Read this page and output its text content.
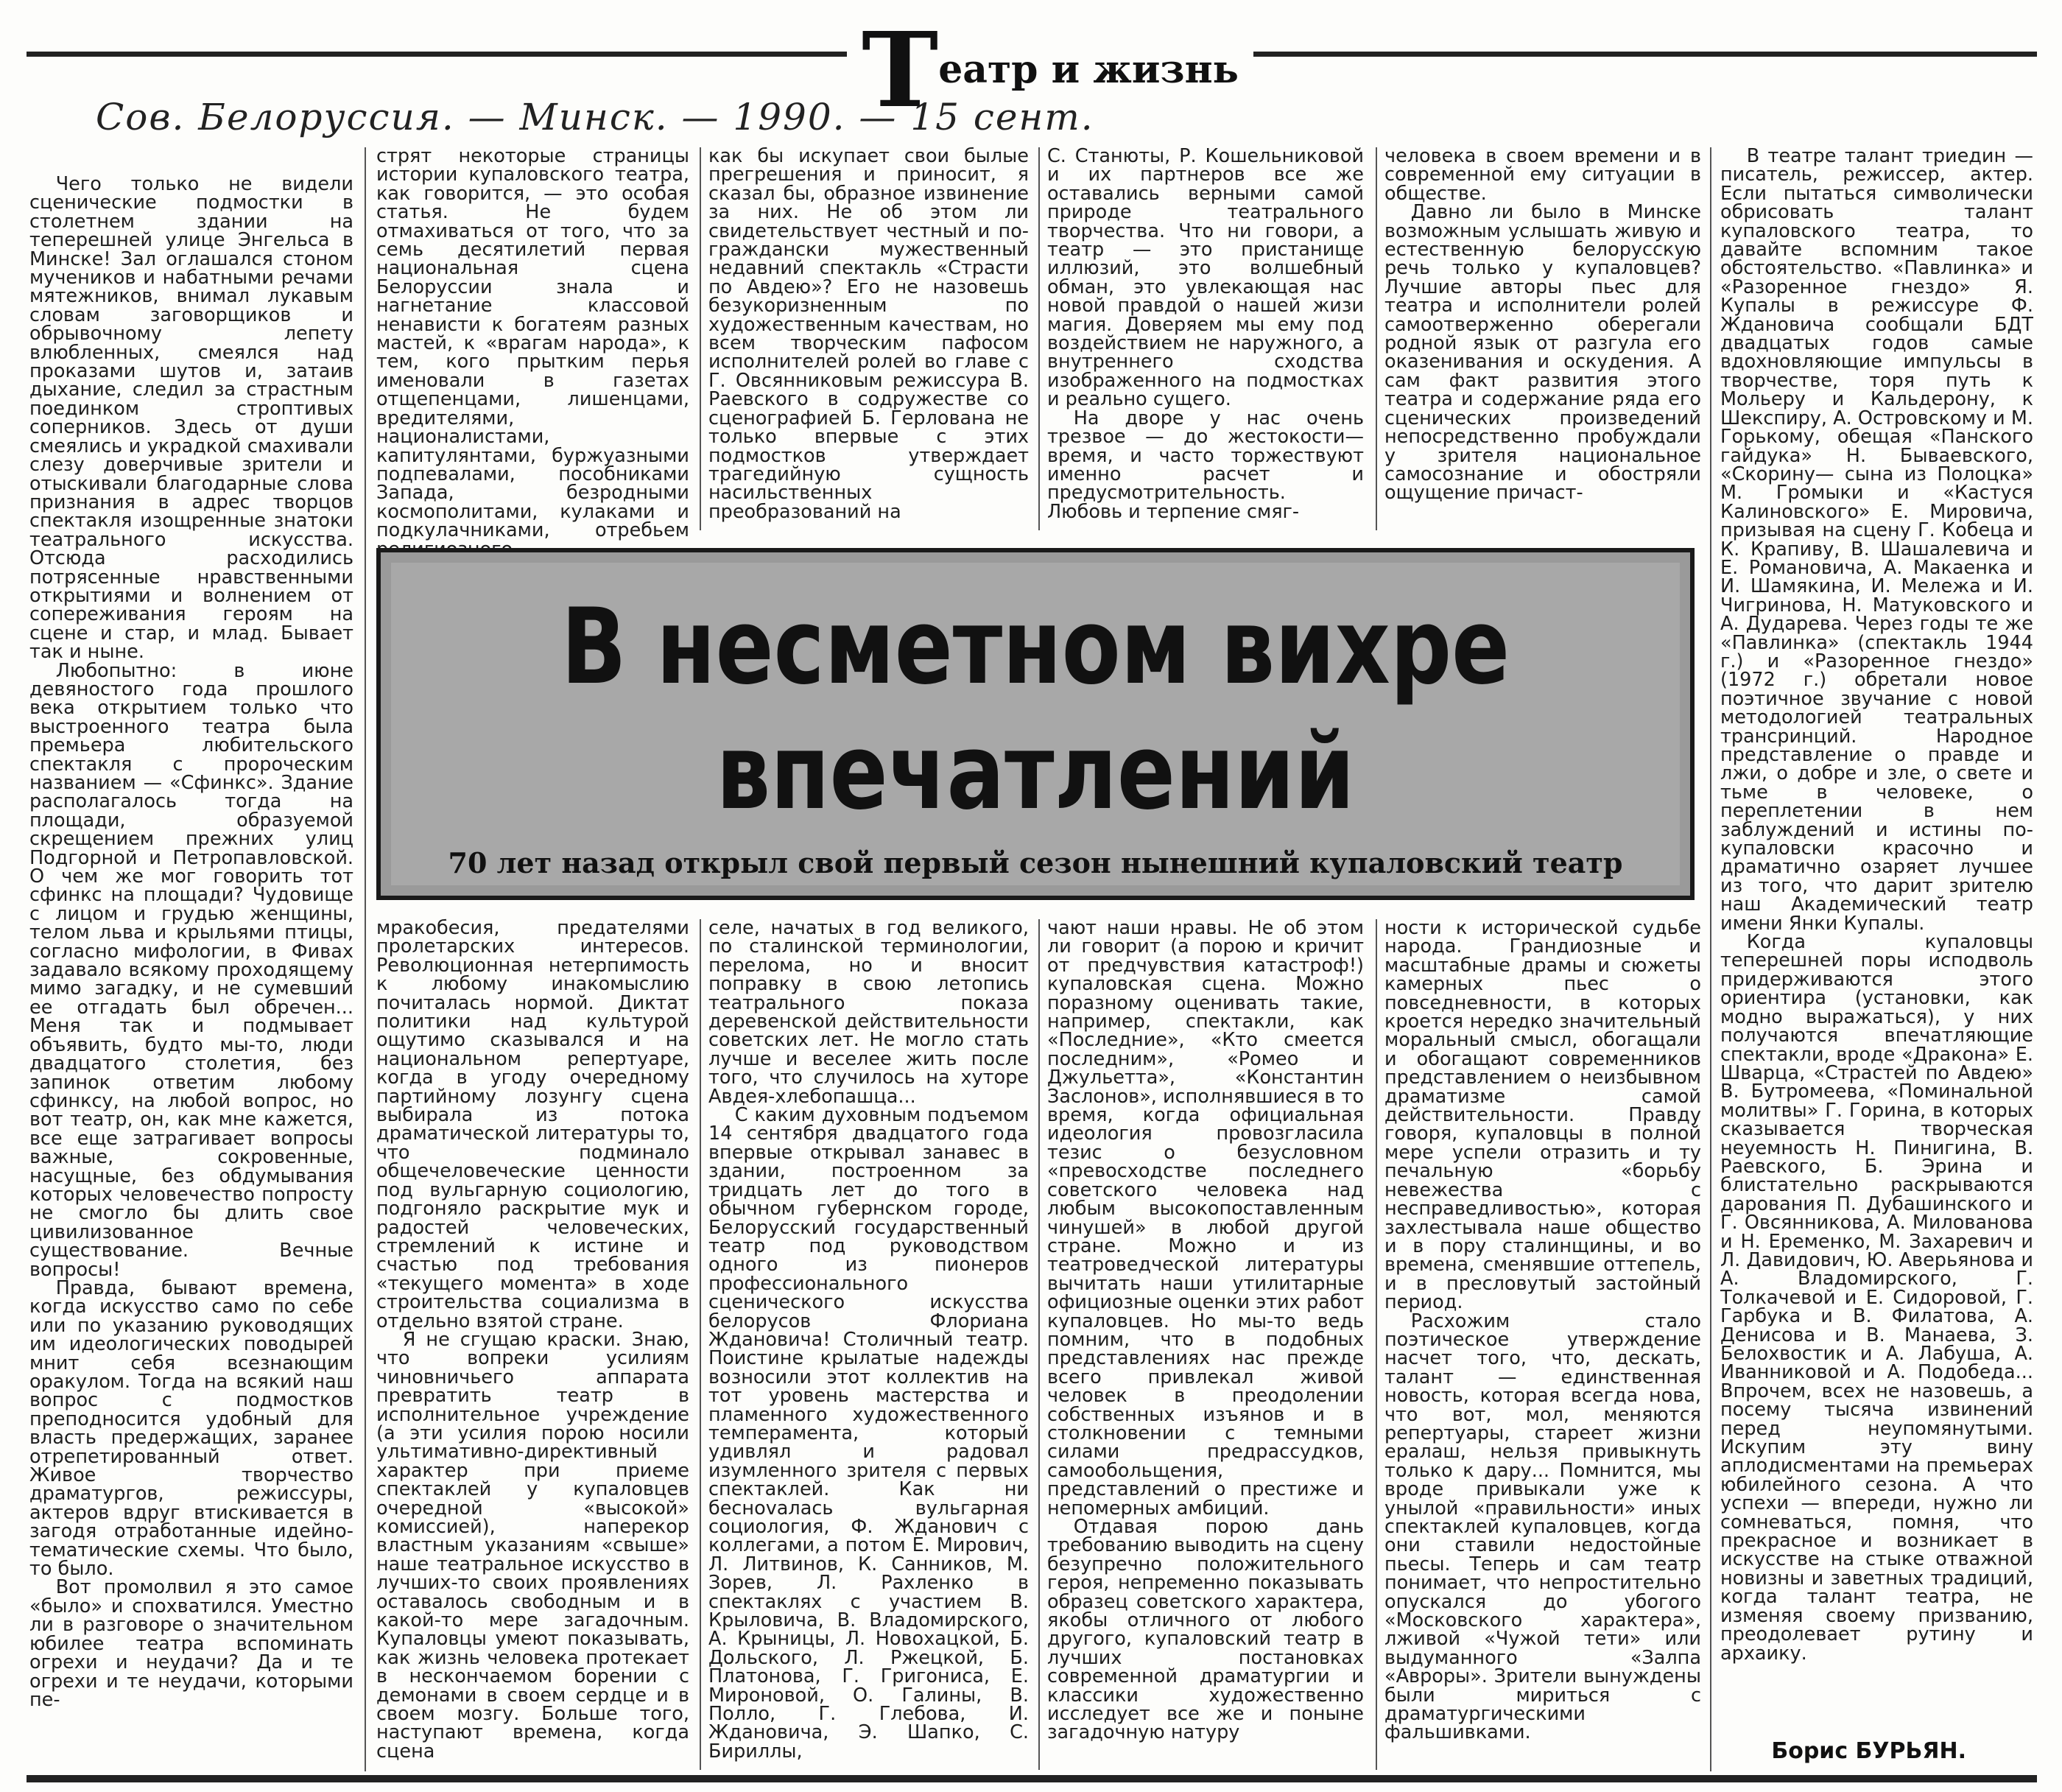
Т еатр и жизнь
Сов. Белоруссия. — Минск. — 1990. — 15 сент.

Чего только не видели сценические подмостки в столетнем здании на теперешней улице Энгельса в Минске! Зал оглашался стоном мучеников и набатными речами мятежников, внимал лукавым словам заговорщиков и обрывочному лепету влюбленных, смеялся над проказами шутов и, затаив дыхание, следил за страстным поединком строптивых соперников. Здесь от души смеялись и украдкой смахивали слезу доверчивые зрители и отыскивали благодарные слова признания в адрес творцов спектакля изощренные знатоки театрального искусства. Отсюда расходились потрясенные нравственными открытиями и волнением от сопереживания героям на сцене и стар, и млад. Бывает так и ныне.

Любопытно: в июне девяностого года прошлого века открытием только что выстроенного театра была премьера любительского спектакля с пророческим названием — «Сфинкс». Здание располагалось тогда на площади, образуемой скрещением прежних улиц Подгорной и Петропавловской. О чем же мог говорить тот сфинкс на площади? Чудовище с лицом и грудью женщины, телом льва и крыльями птицы, согласно мифологии, в Фивах задавало всякому проходящему мимо загадку, и не сумевший ее отгадать был обречен... Меня так и подмывает объявить, будто мы-то, люди двадцатого столетия, без запинок ответим любому сфинксу, на любой вопрос, но вот театр, он, как мне кажется, все еще затрагивает вопросы важные, сокровенные, насущные, без обдумывания которых человечество попросту не смогло бы длить свое цивилизованное существование. Вечные вопросы!

Правда, бывают времена, когда искусство само по себе или по указанию руководящих им идеологических поводырей мнит себя всезнающим оракулом. Тогда на всякий наш вопрос с подмостков преподносится удобный для власть предержащих, заранее отрепетированный ответ. Живое творчество драматургов, режиссуры, актеров вдруг втискивается в загодя отработанные идейно-тематические схемы. Что было, то было.

Вот промолвил я это самое «было» и спохватился. Уместно ли в разговоре о значительном юбилее театра вспоминать огрехи и неудачи? Да и те огрехи и те неудачи, которыми пе-

стрят некоторые страницы истории купаловского театра, как говорится, — это особая статья. Не будем отмахиваться от того, что за семь десятилетий первая национальная сцена Белоруссии знала и нагнетание классовой ненависти к богатеям разных мастей, к «врагам народа», к тем, кого прытким перья именовали в газетах отщепенцами, лишенцами, вредителями, националистами, капитулянтами, буржуазными подпевалами, пособниками Запада, безродными космополитами, кулаками и подкулачниками, отребьем

как бы искупает свои былые прегрешения и приносит, я сказал бы, образное извинение за них. Не об этом ли свидетельствует честный и по-граждански мужественный недавний спектакль «Страсти по Авдею»? Его не назовешь безукоризненным по художественным качествам, но всем творческим пафосом исполнителей ролей во главе с Г. Овсянниковым режиссура В. Раевского в содружестве со сценографией Б. Герлована не только впервые с этих подмостков утверждает трагедийную сущность насильственных преобразований на

С. Станюты, Р. Кошельниковой и их партнеров все же оставались верными самой природе театрального творчества. Что ни говори, а театр — это пристанище иллюзий, это волшебный обман, это увлекающая нас новой правдой о нашей жизи магия. Доверяем мы ему под воздействием не наружного, а внутреннего сходства изображенного на подмостках и реально сущего.

На дворе у нас очень трезвое — до жестокости—время, и часто торжествуют именно расчет и предусмотрительность. Любовь и терпение смяг-

человека в своем времени и в современной ему ситуации в обществе.

Давно ли было в Минске возможным услышать живую и естественную белорусскую речь только у купаловцев? Лучшие авторы пьес для театра и исполнители ролей самоотверженно оберегали родной язык от разгула его оказенивания и оскудения. А сам факт развития этого театра и содержание ряда его сценических произведений непосредственно пробуждали у зрителя национальное самосознание и обостряли ощущение причаст-

В театре талант триедин — писатель, режиссер, актер. Если пытаться символически обрисовать талант купаловского театра, то давайте вспомним такое обстоятельство. «Павлинка» и «Разоренное гнездо» Я. Купалы в режиссуре Ф. Ждановича сообщали БДТ двадцатых годов самые вдохновляющие импульсы в творчестве, торя путь к Мольеру и Кальдерону, к Шекспиру, А. Островскому и М. Горькому, обещая «Панского гайдука» Н. Бываевского, «Скорину— сына из Полоцка» М. Громыки и «Кастуся Калиновского» Е. Мировича, призывая на сцену Г. Кобеца и К. Крапиву, В. Шашалевича и Е. Романовича, А. Макаенка и И. Шамякина, И. Мележа и И. Чигринова, Н. Матуковского и А. Дударева. Через годы те же «Павлинка» (спектакль 1944 г.) и «Разоренное гнездо» (1972 г.) обретали новое поэтичное звучание с новой методологией театральных трансринций. Народное представление о правде и лжи, о добре и зле, о свете и тьме в человеке, о переплетении в нем заблуждений и истины по-купаловски красочно и драматично озаряет лучшее из того, что дарит зрителю наш Академический театр имени Янки Купалы.

Когда купаловцы теперешней поры исподволь придерживаются этого ориентира (установки, как модно выражаться), у них получаются впечатляющие спектакли, вроде «Дракона» Е. Шварца, «Страстей по Авдею» В. Бутромеева, «Поминальной молитвы» Г. Горина, в которых сказывается творческая неуемность Н. Пинигина, В. Раевского, Б. Эрина и блистательно раскрываются дарования П. Дубашинского и Г. Овсянникова, А. Милованова и Н. Еременко, М. Захаревич и Л. Давидович, Ю. Аверьянова и А. Владомирского, Г. Толкачевой и Е. Сидоровой, Г. Гарбука и В. Филатова, А. Денисова и В. Манаева, З. Белохвостик и А. Лабуша, А. Иванниковой и А. Подобеда... Впрочем, всех не назовешь, а посему тысяча извинений перед неупомянутыми. Искупим эту вину аплодисментами на премьерах юбилейного сезона. А что успехи — впереди, нужно ли сомневаться, помня, что прекрасное и возникает в искусстве на стыке отважной новизны и заветных традиций, когда талант театра, не изменяя своему призванию, преодолевает рутину и архаику.

В несметном вихре впечатлений
70 лет назад открыл свой первый сезон нынешний купаловский театр

мракобесия, предателями пролетарских интересов. Революционная нетерпимость к любому инакомыслию почиталась нормой. Диктат политики над культурой ощутимо сказывался и на национальном репертуаре, когда в угоду очередному партийному лозунгу сцена выбирала из потока драматической литературы то, что подминало общечеловеческие ценности под вульгарную социологию, подгоняло раскрытие мук и радостей человеческих, стремлений к истине и счастью под требования «текущего момента» в ходе строительства социализма в отдельно взятой стране.

Я не сгущаю краски. Знаю, что вопреки усилиям чиновничьего аппарата превратить театр в исполнительное учреждение (а эти усилия порою носили ультимативно-директивный характер при приеме спектаклей у купаловцев очередной «высокой» комиссией), наперекор властным указаниям «свыше» наше театральное искусство в лучших-то своих проявлениях оставалось свободным и в какой-то мере загадочным. Купаловцы умеют показывать, как жизнь человека протекает в нескончаемом борении с демонами в своем сердце и в своем мозгу. Больше того, наступают времена, когда сцена

селе, начатых в год великого, по сталинской терминологии, перелома, но и вносит поправку в свою летопись театрального показа деревенской действительности советских лет. Не могло стать лучше и веселее жить после того, что случилось на хуторе Авдея-хлебопашца...

С каким духовным подъемом 14 сентября двадцатого года впервые открывал занавес в здании, построенном за тридцать лет до того в обычном губернском городе, Белорусский государственный театр под руководством одного из пионеров профессионального сценического искусства белорусов Флориана Ждановича! Столичный театр. Поистине крылатые надежды возносили этот коллектив на тот уровень мастерства и пламенного художественного темперамента, который удивлял и радовал изумленного зрителя с первых спектаклей. Как ни беснovалась вульгарная социология, Ф. Жданович с коллегами, а потом Е. Мирович, Л. Литвинов, К. Санников, М. Зорев, Л. Рахленко в спектаклях с участием В. Крыловича, В. Владомирского, А. Крыницы, Л. Новохацкой, Б. Дольского, Л. Ржецкой, Б. Платонова, Г. Григониса, Е. Мироновой, О. Галины, В. Полло, Г. Глебова, И. Ждановича, Э. Шапко, С. Бириллы,

чают наши нравы. Не об этом ли говорит (а порою и кричит от предчувствия катастроф!) купаловская сцена. Можно поразному оценивать такие, например, спектакли, как «Последние», «Кто смеется последним», «Ромео и Джульетта», «Константин Заслонов», исполнявшиеся в то время, когда официальная идеология провозгласила тезис о безусловном «превосходстве последнего советского человека над любым высокопоставленным чинушей» в любой другой стране. Можно и из театроведческой литературы вычитать наши утилитарные официозные оценки этих работ купаловцев. Но мы-то ведь помним, что в подобных представлениях нас прежде всего привлекал живой человек в преодолении собственных изъянов и в столкновении с темными силами предрассудков, самообольщения, представлений о престиже и непомерных амбиций.

Отдавая порою дань требованию выводить на сцену безупречно положительного героя, непременно показывать образец советского характера, якобы отличного от любого другого, купаловский театр в лучших постановках современной драматургии и классики художественно исследует все же и поныне загадочную натуру

ности к исторической судьбе народа. Грандиозные и масштабные драмы и сюжеты камерных пьес о повседневности, в которых кроется нередко значительный моральный смысл, обогащали и обогащают современников представлением о неизбывном драматизме самой действительности. Правду говоря, купаловцы в полной мере успели отразить и ту печальную «борьбу невежества с несправедливостью», которая захлестывала наше общество и в пору сталинщины, и во времена, сменявшие оттепель, и в пресловутый застойный период.

Расхожим стало поэтическое утверждение насчет того, что, дескать, талант — единственная новость, которая всегда нова, что вот, мол, меняются репертуары, стареет жизни ералаш, нельзя привыкнуть только к дару... Помнится, мы вроде привыкали уже к унылой «правильности» иных спектаклей купаловцев, когда они ставили недостойные пьесы. Теперь и сам театр понимает, что непростительно опускался до убогого «Московского характера», лживой «Чужой тети» или выдуманного «Залпа «Авроры». Зрители вынуждены были мириться с драматургическими фальшивками.

Борис БУРЬЯН.
